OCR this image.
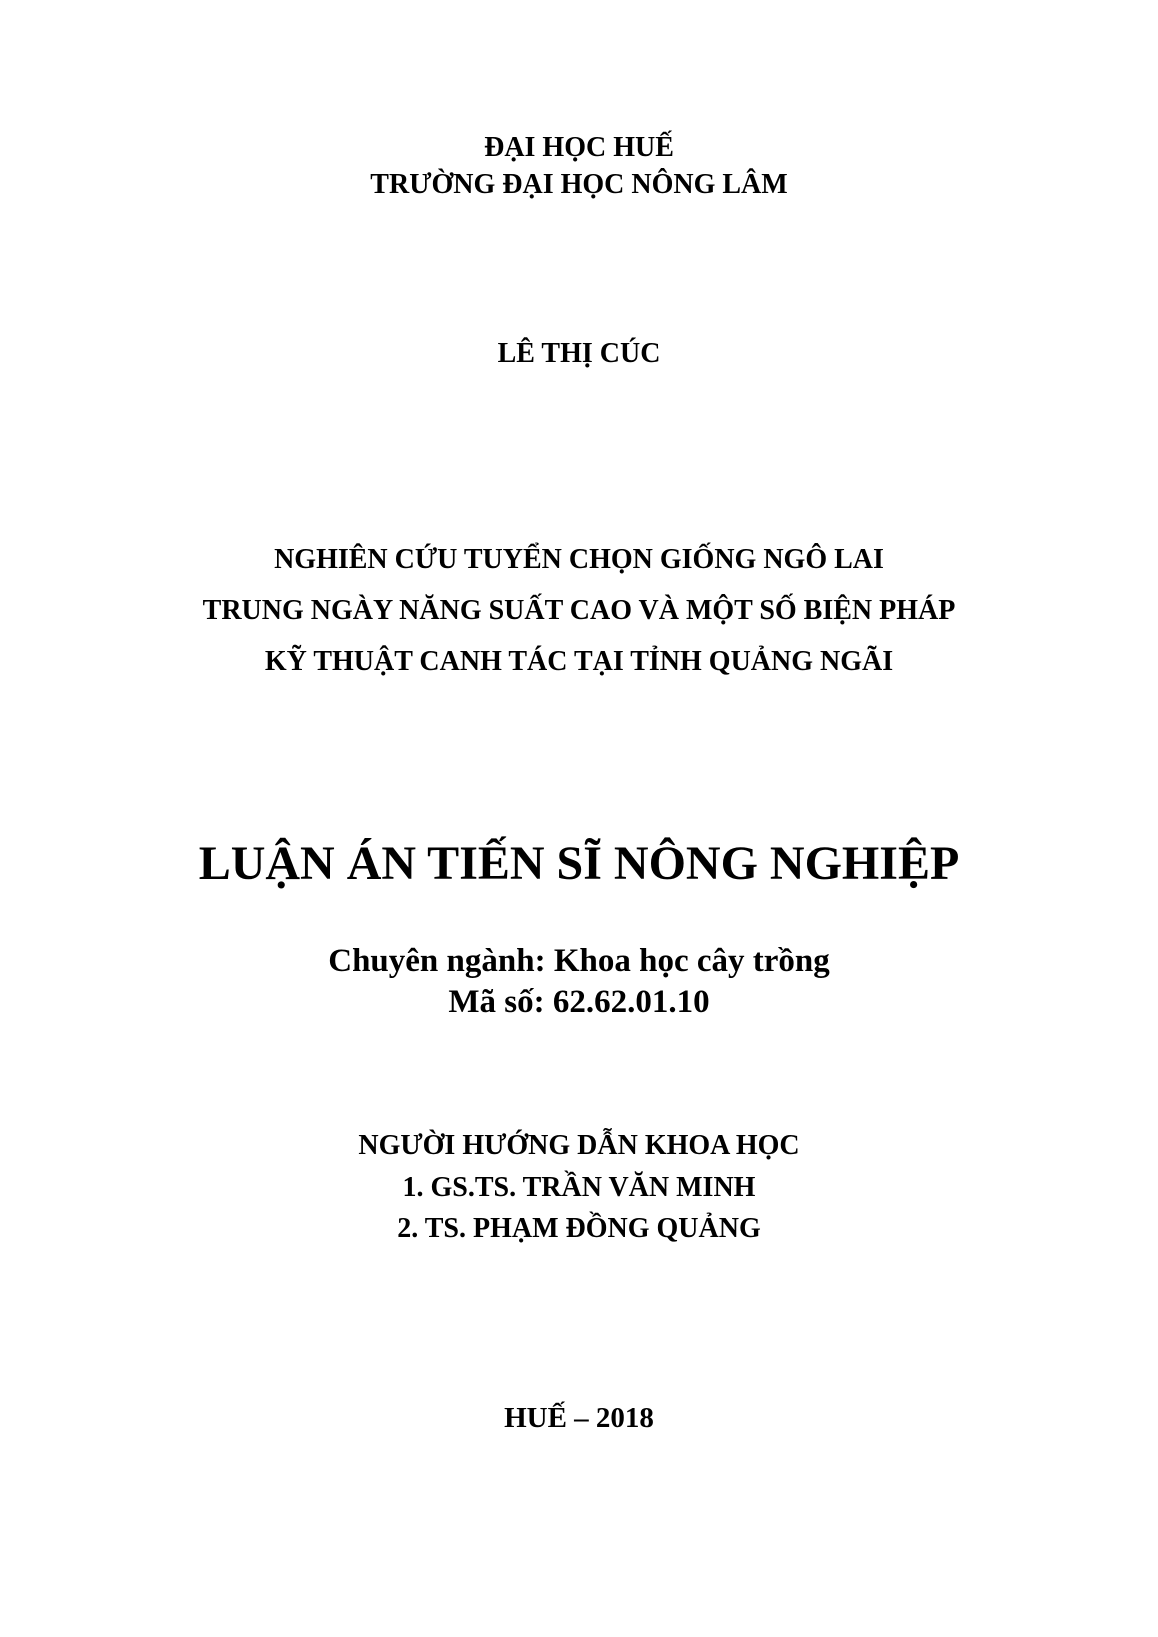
ĐẠI HỌC HUẾ
TRƯỜNG ĐẠI HỌC NÔNG LÂM
LÊ THỊ CÚC
NGHIÊN CỨU TUYỂN CHỌN GIỐNG NGÔ LAI
TRUNG NGÀY NĂNG SUẤT CAO VÀ MỘT SỐ BIỆN PHÁP
KỸ THUẬT CANH TÁC TẠI TỈNH QUẢNG NGÃI
LUẬN ÁN TIẾN SĨ NÔNG NGHIỆP
Chuyên ngành: Khoa học cây trồng
Mã số: 62.62.01.10
NGƯỜI HƯỚNG DẪN KHOA HỌC
1. GS.TS. TRẦN VĂN MINH
2. TS. PHẠM ĐỒNG QUẢNG
HUẾ – 2018
